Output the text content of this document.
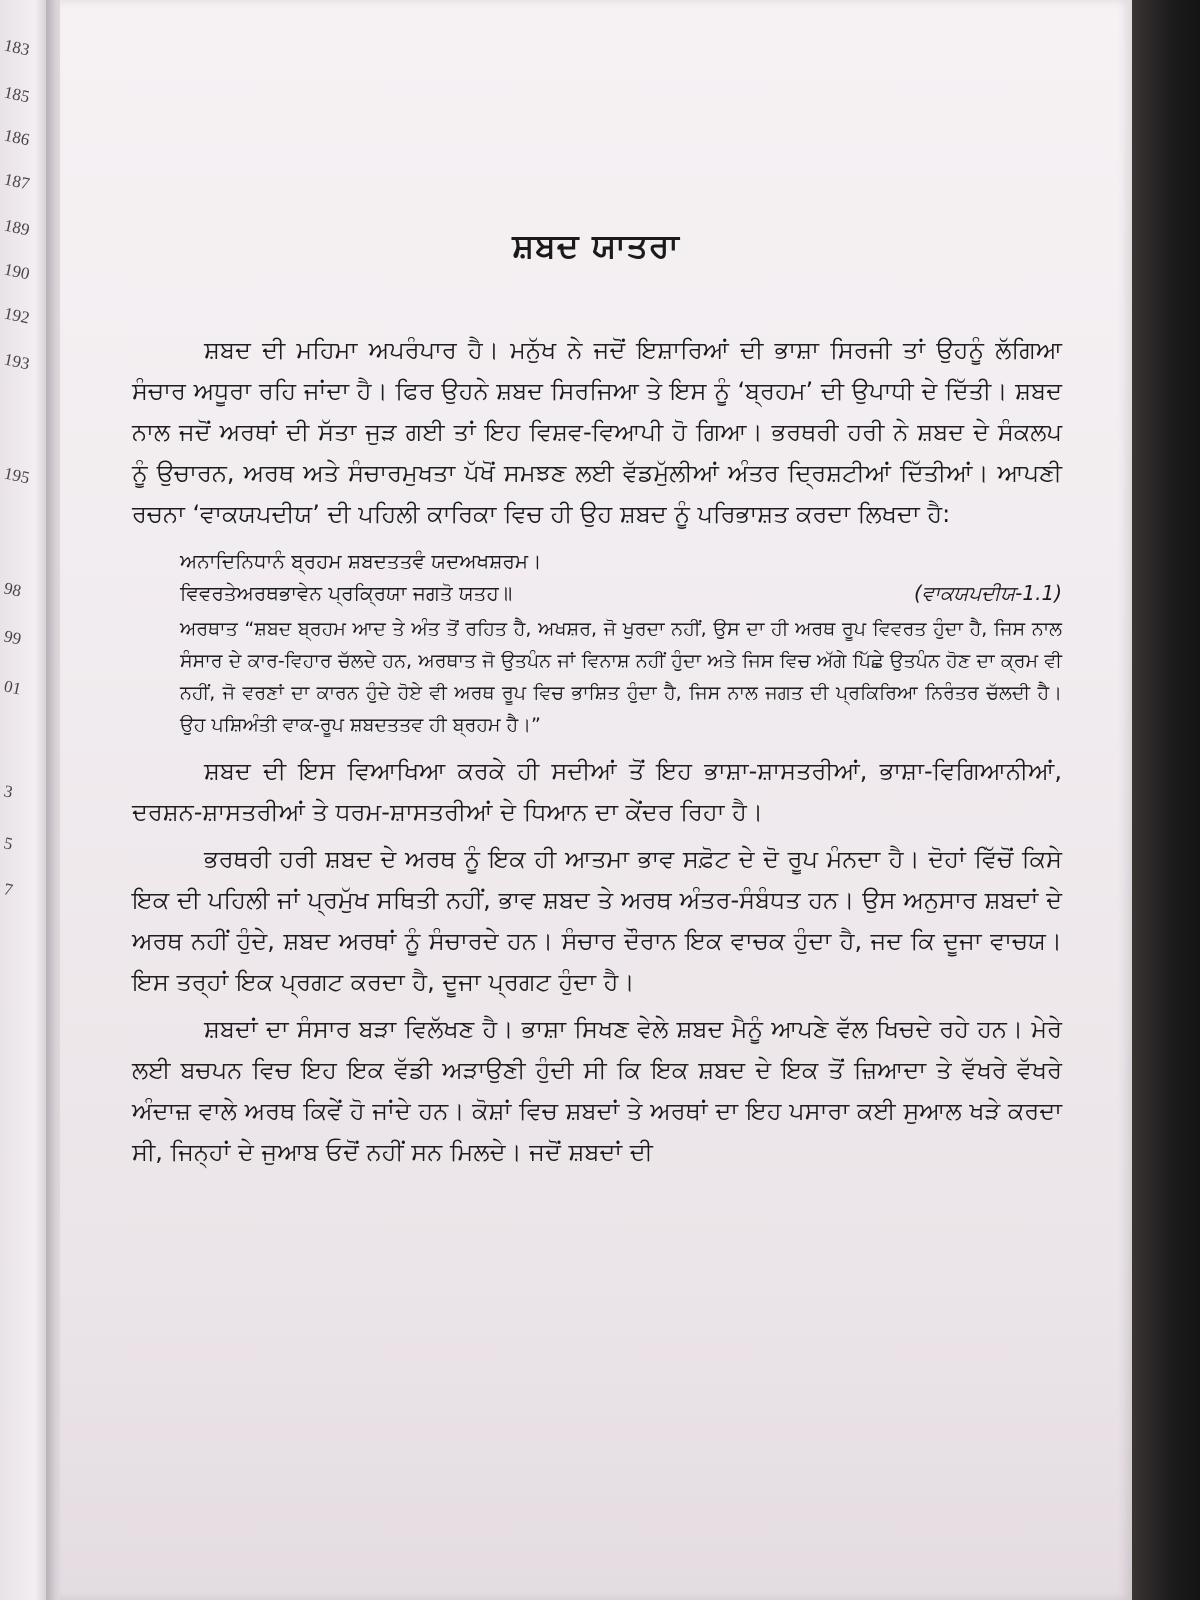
183
185
186
187
189
190
192
193
195
98
99
01
3
5
7
ਸ਼ਬਦ ਯਾਤਰਾ

ਸ਼ਬਦ ਦੀ ਮਹਿਮਾ ਅਪਰੰਪਾਰ ਹੈ। ਮਨੁੱਖ ਨੇ ਜਦੋਂ ਇਸ਼ਾਰਿਆਂ ਦੀ ਭਾਸ਼ਾ ਸਿਰਜੀ ਤਾਂ ਉਹਨੂੰ ਲੱਗਿਆ ਸੰਚਾਰ ਅਧੂਰਾ ਰਹਿ ਜਾਂਦਾ ਹੈ। ਫਿਰ ਉਹਨੇ ਸ਼ਬਦ ਸਿਰਜਿਆ ਤੇ ਇਸ ਨੂੰ ‘ਬ੍ਰਹਮ’ ਦੀ ਉਪਾਧੀ ਦੇ ਦਿੱਤੀ। ਸ਼ਬਦ ਨਾਲ ਜਦੋਂ ਅਰਥਾਂ ਦੀ ਸੱਤਾ ਜੁੜ ਗਈ ਤਾਂ ਇਹ ਵਿਸ਼ਵ-ਵਿਆਪੀ ਹੋ ਗਿਆ। ਭਰਥਰੀ ਹਰੀ ਨੇ ਸ਼ਬਦ ਦੇ ਸੰਕਲਪ ਨੂੰ ਉਚਾਰਨ, ਅਰਥ ਅਤੇ ਸੰਚਾਰਮੁਖਤਾ ਪੱਖੋਂ ਸਮਝਣ ਲਈ ਵੱਡਮੁੱਲੀਆਂ ਅੰਤਰ ਦ੍ਰਿਸ਼ਟੀਆਂ ਦਿੱਤੀਆਂ। ਆਪਣੀ ਰਚਨਾ ‘ਵਾਕਯਪਦੀਯ’ ਦੀ ਪਹਿਲੀ ਕਾਰਿਕਾ ਵਿਚ ਹੀ ਉਹ ਸ਼ਬਦ ਨੂੰ ਪਰਿਭਾਸ਼ਤ ਕਰਦਾ ਲਿਖਦਾ ਹੈ:

ਅਨਾਦਿਨਿਧਾਨੰ ਬ੍ਰਹਮ ਸ਼ਬਦਤਤਵੰ ਯਦਅਖਸ਼ਰਮ।

ਵਿਵਰਤੇਅਰਥਭਾਵੇਨ ਪ੍ਰਕ੍ਰਿਯਾ ਜਗਤੋ ਯਤਹ॥	(ਵਾਕਯਪਦੀਯ-1.1)

ਅਰਥਾਤ “ਸ਼ਬਦ ਬ੍ਰਹਮ ਆਦ ਤੇ ਅੰਤ ਤੋਂ ਰਹਿਤ ਹੈ, ਅਖਸ਼ਰ, ਜੋ ਖੁਰਦਾ ਨਹੀਂ, ਉਸ ਦਾ ਹੀ ਅਰਥ ਰੂਪ ਵਿਵਰਤ ਹੁੰਦਾ ਹੈ, ਜਿਸ ਨਾਲ ਸੰਸਾਰ ਦੇ ਕਾਰ-ਵਿਹਾਰ ਚੱਲਦੇ ਹਨ, ਅਰਥਾਤ ਜੋ ਉਤਪੰਨ ਜਾਂ ਵਿਨਾਸ਼ ਨਹੀਂ ਹੁੰਦਾ ਅਤੇ ਜਿਸ ਵਿਚ ਅੱਗੇ ਪਿੱਛੇ ਉਤਪੰਨ ਹੋਣ ਦਾ ਕ੍ਰਮ ਵੀ ਨਹੀਂ, ਜੋ ਵਰਣਾਂ ਦਾ ਕਾਰਨ ਹੁੰਦੇ ਹੋਏ ਵੀ ਅਰਥ ਰੂਪ ਵਿਚ ਭਾਸ਼ਿਤ ਹੁੰਦਾ ਹੈ, ਜਿਸ ਨਾਲ ਜਗਤ ਦੀ ਪ੍ਰਕਿਰਿਆ ਨਿਰੰਤਰ ਚੱਲਦੀ ਹੈ। ਉਹ ਪਸ਼ਿਅੰਤੀ ਵਾਕ-ਰੂਪ ਸ਼ਬਦਤਤਵ ਹੀ ਬ੍ਰਹਮ ਹੈ।”

ਸ਼ਬਦ ਦੀ ਇਸ ਵਿਆਖਿਆ ਕਰਕੇ ਹੀ ਸਦੀਆਂ ਤੋਂ ਇਹ ਭਾਸ਼ਾ-ਸ਼ਾਸਤਰੀਆਂ, ਭਾਸ਼ਾ-ਵਿਗਿਆਨੀਆਂ, ਦਰਸ਼ਨ-ਸ਼ਾਸਤਰੀਆਂ ਤੇ ਧਰਮ-ਸ਼ਾਸਤਰੀਆਂ ਦੇ ਧਿਆਨ ਦਾ ਕੇਂਦਰ ਰਿਹਾ ਹੈ।

ਭਰਥਰੀ ਹਰੀ ਸ਼ਬਦ ਦੇ ਅਰਥ ਨੂੰ ਇਕ ਹੀ ਆਤਮਾ ਭਾਵ ਸਫ਼ੋਟ ਦੇ ਦੋ ਰੂਪ ਮੰਨਦਾ ਹੈ। ਦੋਹਾਂ ਵਿੱਚੋਂ ਕਿਸੇ ਇਕ ਦੀ ਪਹਿਲੀ ਜਾਂ ਪ੍ਰਮੁੱਖ ਸਥਿਤੀ ਨਹੀਂ, ਭਾਵ ਸ਼ਬਦ ਤੇ ਅਰਥ ਅੰਤਰ-ਸੰਬੰਧਤ ਹਨ। ਉਸ ਅਨੁਸਾਰ ਸ਼ਬਦਾਂ ਦੇ ਅਰਥ ਨਹੀਂ ਹੁੰਦੇ, ਸ਼ਬਦ ਅਰਥਾਂ ਨੂੰ ਸੰਚਾਰਦੇ ਹਨ। ਸੰਚਾਰ ਦੌਰਾਨ ਇਕ ਵਾਚਕ ਹੁੰਦਾ ਹੈ, ਜਦ ਕਿ ਦੂਜਾ ਵਾਚਯ। ਇਸ ਤਰ੍ਹਾਂ ਇਕ ਪ੍ਰਗਟ ਕਰਦਾ ਹੈ, ਦੂਜਾ ਪ੍ਰਗਟ ਹੁੰਦਾ ਹੈ।

ਸ਼ਬਦਾਂ ਦਾ ਸੰਸਾਰ ਬੜਾ ਵਿਲੱਖਣ ਹੈ। ਭਾਸ਼ਾ ਸਿਖਣ ਵੇਲੇ ਸ਼ਬਦ ਮੈਨੂੰ ਆਪਣੇ ਵੱਲ ਖਿਚਦੇ ਰਹੇ ਹਨ। ਮੇਰੇ ਲਈ ਬਚਪਨ ਵਿਚ ਇਹ ਇਕ ਵੱਡੀ ਅੜਾਉਣੀ ਹੁੰਦੀ ਸੀ ਕਿ ਇਕ ਸ਼ਬਦ ਦੇ ਇਕ ਤੋਂ ਜ਼ਿਆਦਾ ਤੇ ਵੱਖਰੇ ਵੱਖਰੇ ਅੰਦਾਜ਼ ਵਾਲੇ ਅਰਥ ਕਿਵੇਂ ਹੋ ਜਾਂਦੇ ਹਨ। ਕੋਸ਼ਾਂ ਵਿਚ ਸ਼ਬਦਾਂ ਤੇ ਅਰਥਾਂ ਦਾ ਇਹ ਪਸਾਰਾ ਕਈ ਸੁਆਲ ਖੜੇ ਕਰਦਾ ਸੀ, ਜਿਨ੍ਹਾਂ ਦੇ ਜੁਆਬ ਓਦੋਂ ਨਹੀਂ ਸਨ ਮਿਲਦੇ। ਜਦੋਂ ਸ਼ਬਦਾਂ ਦੀ
